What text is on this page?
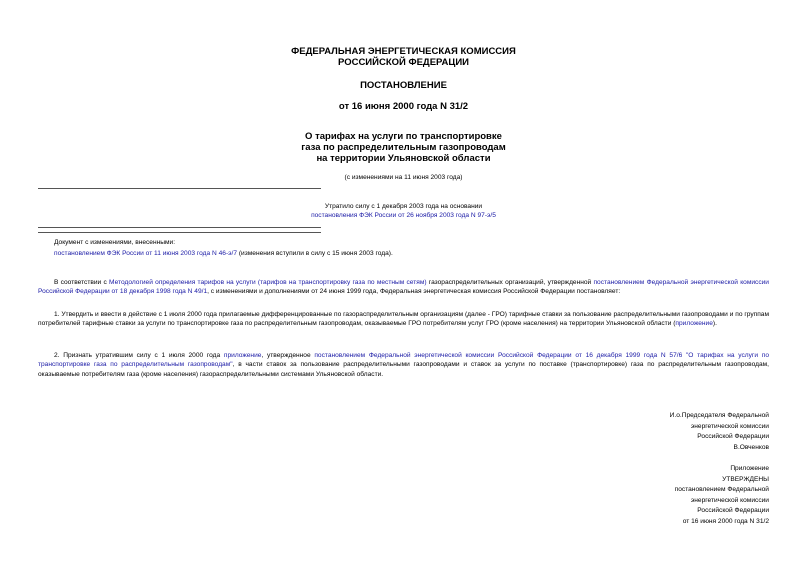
ФЕДЕРАЛЬНАЯ ЭНЕРГЕТИЧЕСКАЯ КОМИССИЯ
РОССИЙСКОЙ ФЕДЕРАЦИИ
ПОСТАНОВЛЕНИЕ
от 16 июня 2000 года N 31/2
О тарифах на услуги по транспортировке
газа по распределительным газопроводам
на территории Ульяновской области
(с изменениями на 11 июня 2003 года)
Утратило силу с 1 декабря 2003 года на основании
постановления ФЭК России от 26 ноября 2003 года N 97-э/5
Документ с изменениями, внесенными:
постановлением ФЭК России от 11 июня 2003 года N 46-э/7 (изменения вступили в силу с 15 июня 2003 года).
В соответствии с Методологией определения тарифов на услуги (тарифов на транспортировку газа по местным сетям) газораспределительных организаций, утвержденной постановлением Федеральной энергетической комиссии Российской Федерации от 18 декабря 1998 года N 49/1, с изменениями и дополнениями от 24 июня 1999 года, Федеральная энергетическая комиссия Российской Федерации постановляет:
1. Утвердить и ввести в действие с 1 июля 2000 года прилагаемые дифференцированные по газораспределительным организациям (далее - ГРО) тарифные ставки за пользование распределительными газопроводами и по группам потребителей тарифные ставки за услуги по транспортировке газа по распределительным газопроводам, оказываемые ГРО потребителям услуг ГРО (кроме населения) на территории Ульяновской области (приложение).
2. Признать утратившим силу с 1 июля 2000 года приложение, утвержденное постановлением Федеральной энергетической комиссии Российской Федерации от 16 декабря 1999 года N 57/6 "О тарифах на услуги по транспортировке газа по распределительным газопроводам", в части ставок за пользование распределительными газопроводами и ставок за услуги по поставке (транспортировке) газа по распределительным газопроводам, оказываемые потребителям газа (кроме населения) газораспределительными системами Ульяновской области.
И.о.Председателя Федеральной
энергетической комиссии
Российской Федерации
В.Овченков
Приложение
УТВЕРЖДЕНЫ
постановлением Федеральной
энергетической комиссии
Российской Федерации
от 16 июня 2000 года N 31/2
